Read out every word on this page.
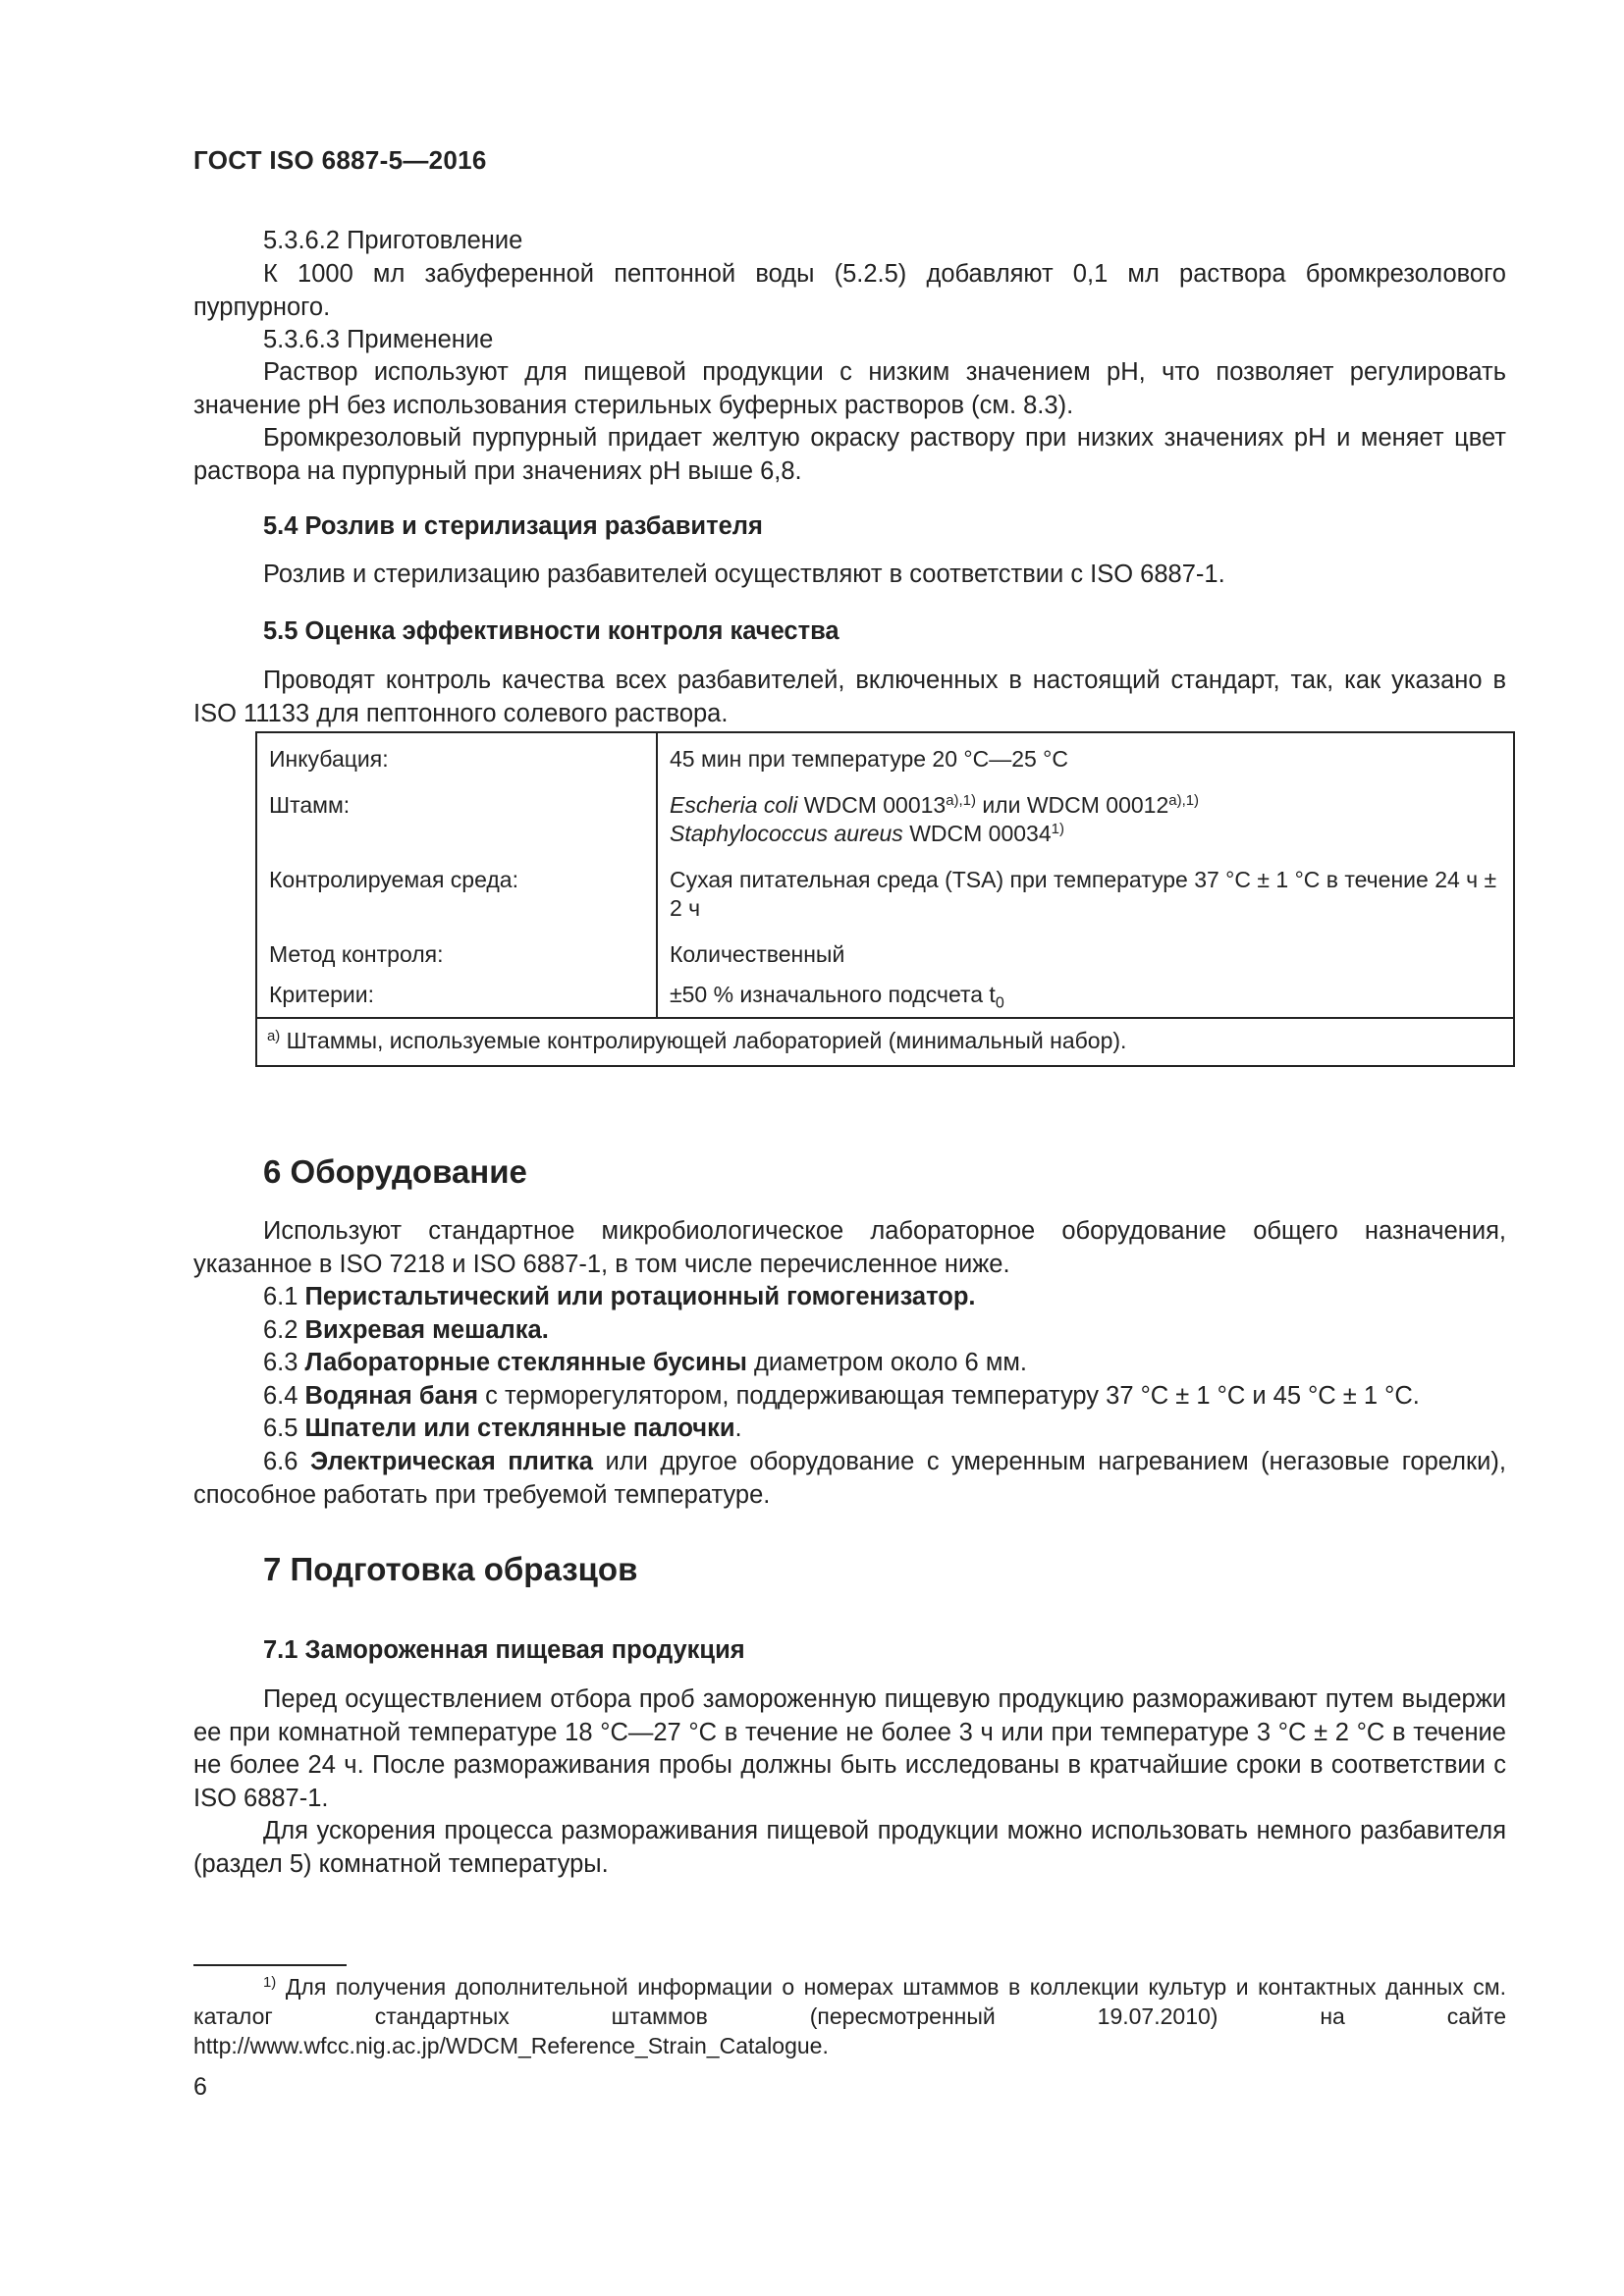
ГОСТ ISO 6887-5—2016
5.3.6.2 Приготовление
К 1000 мл забуференной пептонной воды (5.2.5) добавляют 0,1 мл раствора бромкрезолового пурпурного.
5.3.6.3 Применение
Раствор используют для пищевой продукции с низким значением pH, что позволяет регулировать значение pH без использования стерильных буферных растворов (см. 8.3).
Бромкрезоловый пурпурный придает желтую окраску раствору при низких значениях pH и меняет цвет раствора на пурпурный при значениях pH выше 6,8.
5.4 Розлив и стерилизация разбавителя
Розлив и стерилизацию разбавителей осуществляют в соответствии с ISO 6887-1.
5.5 Оценка эффективности контроля качества
Проводят контроль качества всех разбавителей, включенных в настоящий стандарт, так, как указано в ISO 11133 для пептонного солевого раствора.
Инкубация:	45 мин при температуре 20 °С—25 °С
Штамм:	Escheria coli WDCM $00013^{а),1)}$ или WDCM $00012^{а),1)}$
Staphylococcus aureus WDCM 00034$^{1)}$
Контролируемая среда:	Сухая питательная среда (TSA) при температуре 37 °С ± 1 °С в течение 24 ч ± 2 ч
Метод контроля:	Количественный
Критерии:	±50 % изначального подсчета $t_0$
$^{а)}$ Штаммы, используемые контролирующей лабораторией (минимальный набор).	
6 Оборудование
Используют стандартное микробиологическое лабораторное оборудование общего назначения, указанное в ISO 7218 и ISO 6887-1, в том числе перечисленное ниже.
6.1 Перистальтический или ротационный гомогенизатор.
6.2 Вихревая мешалка.
6.3 Лабораторные стеклянные бусины диаметром около 6 мм.
6.4 Водяная баня с терморегулятором, поддерживающая температуру 37 °С ± 1 °С и 45 °С ± 1 °С.
6.5 Шпатели или стеклянные палочки.
6.6 Электрическая плитка или другое оборудование с умеренным нагреванием (негазовые горелки), способное работать при требуемой температуре.
7 Подготовка образцов
7.1 Замороженная пищевая продукция
Перед осуществлением отбора проб замороженную пищевую продукцию размораживают путем выдержи ее при комнатной температуре 18 °С—27 °С в течение не более 3 ч или при температуре 3 °С ± 2 °С в течение не более 24 ч. После размораживания пробы должны быть исследованы в кратчайшие сроки в соответствии с ISO 6887-1.
Для ускорения процесса размораживания пищевой продукции можно использовать немного разбавителя (раздел 5) комнатной температуры.
$^{1)}$ Для получения дополнительной информации о номерах штаммов в коллекции культур и контактных данных см. каталог стандартных штаммов (пересмотренный 19.07.2010) на сайте http://www.wfcc.nig.ac.jp/WDCM_Reference_Strain_Catalogue.
6
